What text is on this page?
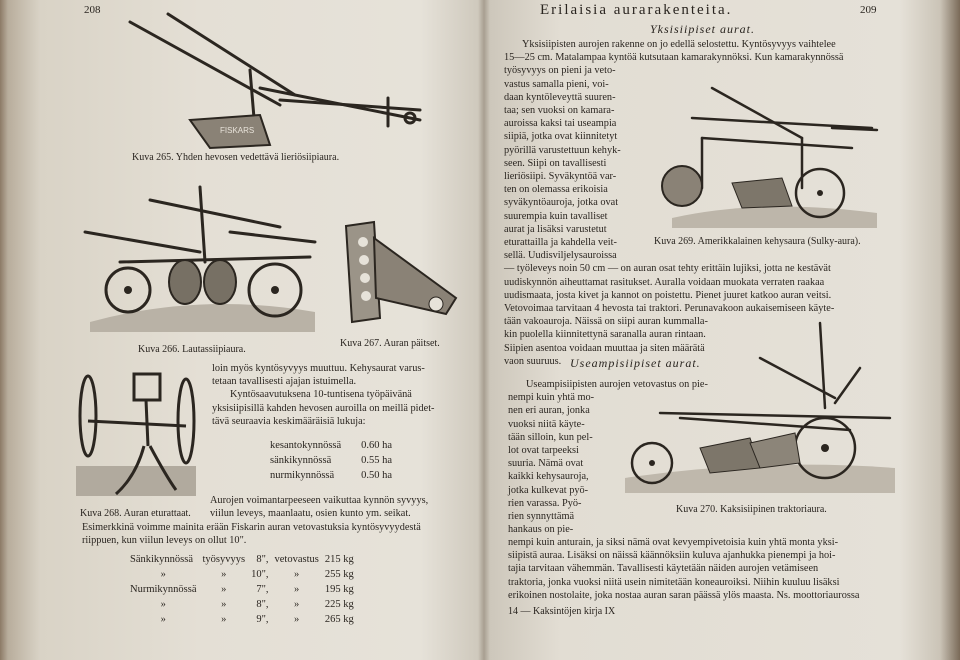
208
FISKARS
Kuva 265. Yhden hevosen vedettävä lieriösiipiaura.
Kuva 266. Lautassiipiaura.
Kuva 267. Auran päitset.
Kuva 268. Auran eturattaat.
loin myös kyntösyvyys muuttuu. Kehysaurat varus-
tetaan tavallisesti ajajan istuimella.
Kyntösaavutuksena 10-tuntisena työpäivänä
yksisiipisillä kahden hevosen auroilla on meillä pidet-
tävä seuraavia keskimääräisiä lukuja:
kesantokynnössä	0.60 ha
sänkikynnössä	0.55 ha
nurmikynnössä	0.50 ha
Aurojen voimantarpeeseen vaikuttaa kynnön syvyys,
viilun leveys, maanlaatu, osien kunto ym. seikat.
Esimerkkinä voimme mainita erään Fiskarin auran vetovastuksia kyntösyvyydestä
riippuen, kun viilun leveys on ollut 10".
Sänkikynnössä	työsyvyys	8",	vetovastus	215 kg
»	»	10",	»	255 kg
Nurmikynnössä	»	7",	»	195 kg
»	»	8",	»	225 kg
»	»	9",	»	265 kg
Erilaisia aurarakenteita.	209
Yksisiipiset aurat.
Yksisiipisten aurojen rakenne on jo edellä selostettu. Kyntösyvyys vaihtelee
15—25 cm. Matalampaa kyntöä kutsutaan kamarakynnöksi. Kun kamarakynnössä
työsyvyys on pieni ja veto-
vastus samalla pieni, voi-
daan kyntöleveyttä suuren-
taa; sen vuoksi on kamara-
auroissa kaksi tai useampia
siipiä, jotka ovat kiinnitetyt
pyörillä varustettuun kehyk-
seen. Siipi on tavallisesti
lieriösiipi. Syväkyntöä var-
ten on olemassa erikoisia
syväkyntöauroja, jotka ovat
suurempia kuin tavalliset
aurat ja lisäksi varustetut
eturattailla ja kahdella veit-
sellä. Uudisviljelysauroissa
— työleveys noin 50 cm — on auran osat tehty erittäin lujiksi, jotta ne kestävät
uudiskynnön aiheuttamat rasitukset. Auralla voidaan muokata verraten raakaa
uudismaata, josta kivet ja kannot on poistettu. Pienet juuret katkoo auran veitsi.
Vetovoimaa tarvitaan 4 hevosta tai traktori. Perunavakoon aukaisemiseen käyte-
tään vakoauroja. Näissä on siipi auran kummalla-
kin puolella kiinnitettynä saranalla auran rintaan.
Siipien asentoa voidaan muuttaa ja siten määrätä
vaon suuruus.
Kuva 269. Amerikkalainen kehysaura (Sulky-aura).
Useampisiipiset aurat.
Useampisiipisten aurojen vetovastus on pie-
nempi kuin yhtä mo-
nen eri auran, jonka
vuoksi niitä käyte-
tään silloin, kun pel-
lot ovat tarpeeksi
suuria. Nämä ovat
kaikki kehysauroja,
jotka kulkevat pyö-
rien varassa. Pyö-
rien synnyttämä
hankaus on pie-
Kuva 270. Kaksisiipinen traktoriaura.
nempi kuin anturain, ja siksi nämä ovat kevyempivetoisia kuin yhtä monta yksi-
siipistä auraa. Lisäksi on näissä käännöksiin kuluva ajanhukka pienempi ja hoi-
tajia tarvitaan vähemmän. Tavallisesti käytetään näiden aurojen vetämiseen
traktoria, jonka vuoksi niitä usein nimitetään koneauroiksi. Niihin kuuluu lisäksi
erikoinen nostolaite, joka nostaa auran saran päässä ylös maasta. Ns. moottoriaurossa
14 — Kaksintöjen kirja IX
